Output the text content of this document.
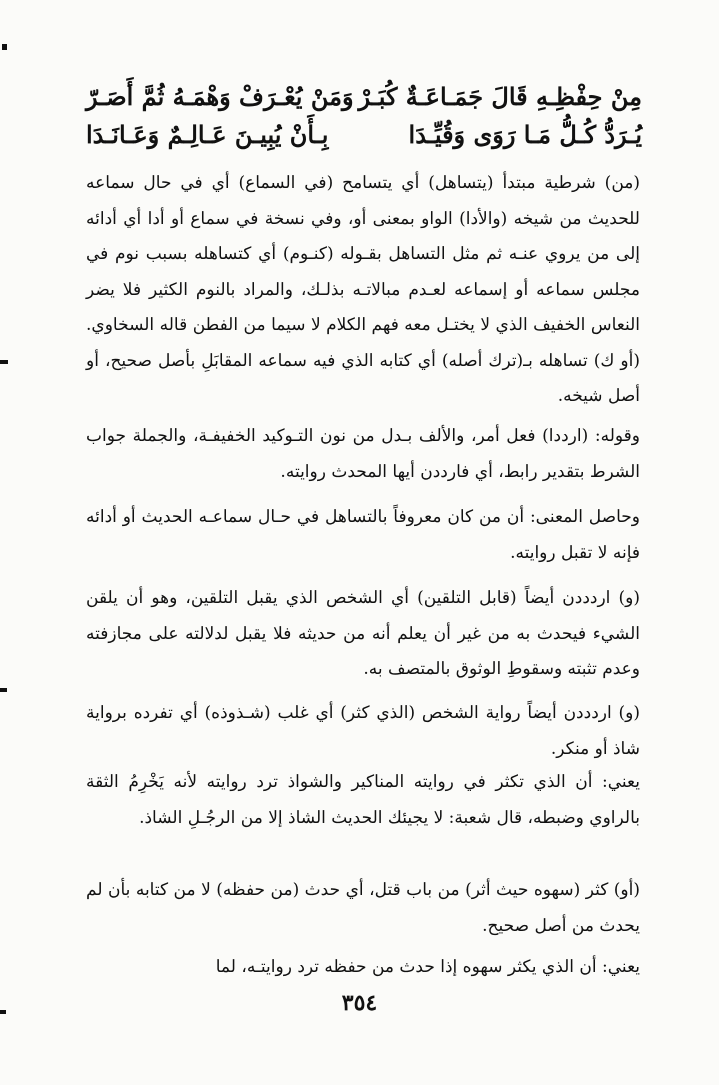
مِنْ حِفْظِـهِ قَالَ جَمَـاعَـةٌ كُبَـرْ
وَمَنْ يُعْـرَفْ وَهْمَـهُ ثُمَّ أَصَـرّ
يُـرَدُّ كُـلُّ مَـا رَوَى وَقُيِّـدَا
بِـأَنْ يُبِيـنَ عَـالِـمٌ وَعَـانَـدَا

(من) شرطية مبتدأ (يتساهل) أي يتسامح (في السماع) أي في حال سماعه للحديث من شيخه (والأدا) الواو بمعنى أو، وفي نسخة في سماع أو أدا أي أدائه إلى من يروي عنـه ثم مثل التساهل بقـوله (كنـوم) أي كتساهله بسبب نوم في مجلس سماعه أو إسماعه لعـدم مبالاتـه بذلـك، والمراد بالنوم الكثير فلا يضر النعاس الخفيف الذي لا يختـل معه فهم الكلام لا سيما من الفطن قاله السخاوي. (أو ك) تساهله بـ(ترك أصله) أي كتابه الذي فيه سماعه المقابَلِ بأصل صحيح، أو أصل شيخه.

وقوله: (ارددا) فعل أمر، والألف بـدل من نون التـوكيد الخفيفـة، والجملة جواب الشرط بتقدير رابط، أي فارددن أيها المحدث روايته.

وحاصل المعنى: أن من كان معروفاً بالتساهل في حـال سماعـه الحديث أو أدائه فإنه لا تقبل روايته.

(و) اردددن أيضاً (قابل التلقين) أي الشخص الذي يقبل التلقين، وهو أن يلقن الشيء فيحدث به من غير أن يعلم أنه من حديثه فلا يقبل لدلالته على مجازفته وعدم تثبته وسقوطِ الوثوق بالمتصف به.

(و) اردددن أيضاً رواية الشخص (الذي كثر) أي غلب (شـذوذه) أي تفرده برواية شاذ أو منكر.

يعني: أن الذي تكثر في روايته المناكير والشواذ ترد روايته لأنه يَخْرِمُ الثقة بالراوي وضبطه، قال شعبة: لا يجيئك الحديث الشاذ إلا من الرجُـلِ الشاذ.

(أو) كثر (سهوه حيث أثر) من باب قتل، أي حدث (من حفظه) لا من كتابه بأن لم يحدث من أصل صحيح.

يعني: أن الذي يكثر سهوه إذا حدث من حفظه ترد روايتـه، لما

٣٥٤
